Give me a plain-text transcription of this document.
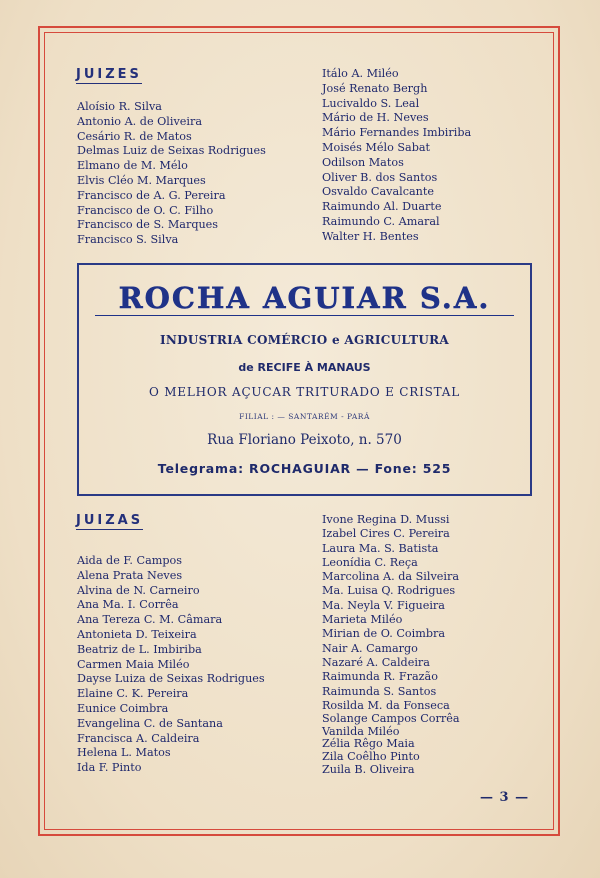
JUIZES
Aloísio R. Silva
Antonio A. de Oliveira
Cesário R. de Matos
Delmas Luiz de Seixas Rodrigues
Elmano de M. Mélo
Elvis Cléo M. Marques
Francisco de A. G. Pereira
Francisco de O. C. Filho
Francisco de S. Marques
Francisco S. Silva
Itálo A. Miléo
José Renato Bergh
Lucivaldo S. Leal
Mário de H. Neves
Mário Fernandes Imbiriba
Moisés Mélo Sabat
Odilson Matos
Oliver B. dos Santos
Osvaldo Cavalcante
Raimundo Al. Duarte
Raimundo C. Amaral
Walter H. Bentes
ROCHA AGUIAR S.A.
INDUSTRIA COMÉRCIO e AGRICULTURA
de RECIFE À MANAUS
O MELHOR AÇUCAR TRITURADO E CRISTAL
FILIAL : — SANTARÉM - PARÁ
Rua Floriano Peixoto, n. 570
Telegrama: ROCHAGUIAR — Fone: 525
JUIZAS
Aida de F. Campos
Alena Prata Neves
Alvina de N. Carneiro
Ana Ma. I. Corrêa
Ana Tereza C. M. Câmara
Antonieta D. Teixeira
Beatriz de L. Imbiriba
Carmen Maia Miléo
Dayse Luiza de Seixas Rodrigues
Elaine C. K. Pereira
Eunice Coimbra
Evangelina C. de Santana
Francisca A. Caldeira
Helena L. Matos
Ida F. Pinto
Ivone Regina D. Mussi
Izabel Cires C. Pereira
Laura Ma. S. Batista
Leonídia C. Reça
Marcolina A. da Silveira
Ma. Luisa Q. Rodrigues
Ma. Neyla V. Figueira
Marieta Miléo
Mirian de O. Coimbra
Nair A. Camargo
Nazaré A. Caldeira
Raimunda R. Frazão
Raimunda S. Santos
Rosilda M. da Fonseca
Solange Campos Corrêa
Vanilda Miléo
Zélia Rêgo Maia
Zila Coêlho Pinto
Zuila B. Oliveira
— 3 —
